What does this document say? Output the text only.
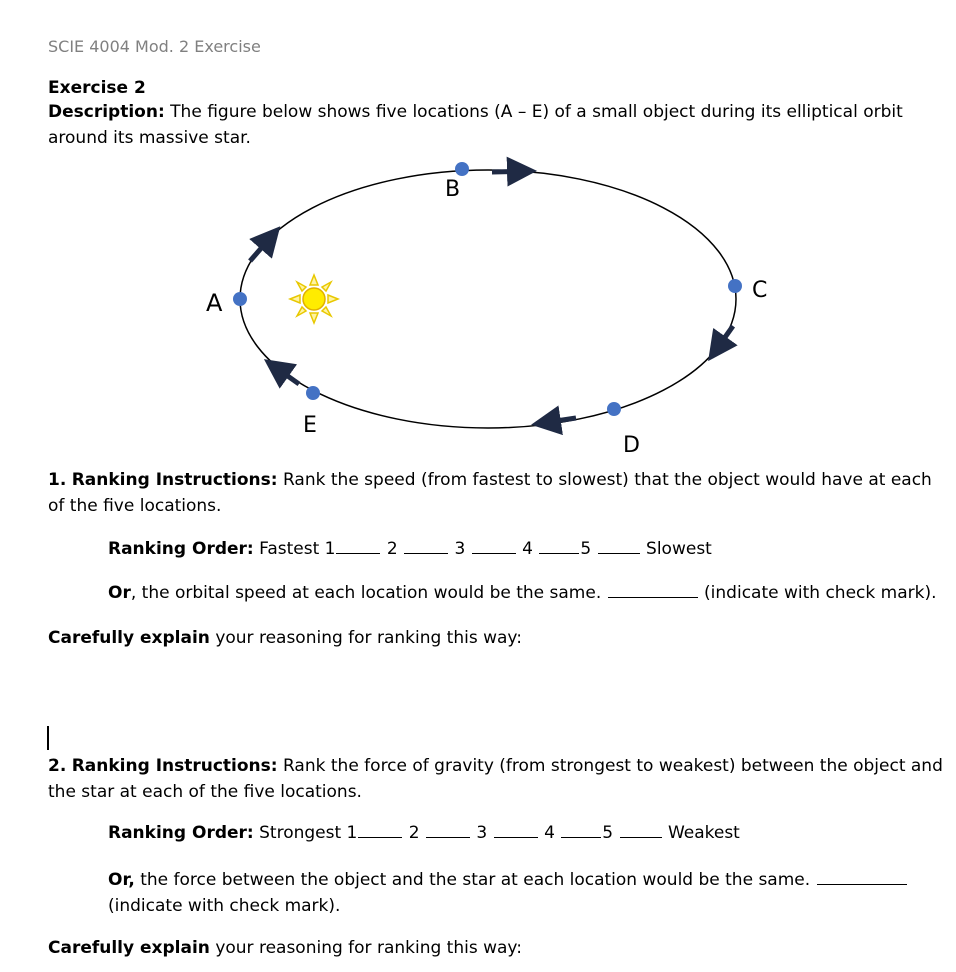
SCIE 4004 Mod. 2 Exercise
Exercise 2
Description: The figure below shows five locations (A – E) of a small object during its elliptical orbit around its massive star.
A
B
C
D
E
1. Ranking Instructions: Rank the speed (from fastest to slowest) that the object would have at each of the five locations.
Ranking Order: Fastest 1	2	3	4	5	Slowest
Or, the orbital speed at each location would be the same.	(indicate with check mark).
Carefully explain your reasoning for ranking this way:
2. Ranking Instructions: Rank the force of gravity (from strongest to weakest) between the object and the star at each of the five locations.
Ranking Order: Strongest 1	2	3	4	5	Weakest
Or, the force between the object and the star at each location would be the same.  (indicate with check mark).
Carefully explain your reasoning for ranking this way:
